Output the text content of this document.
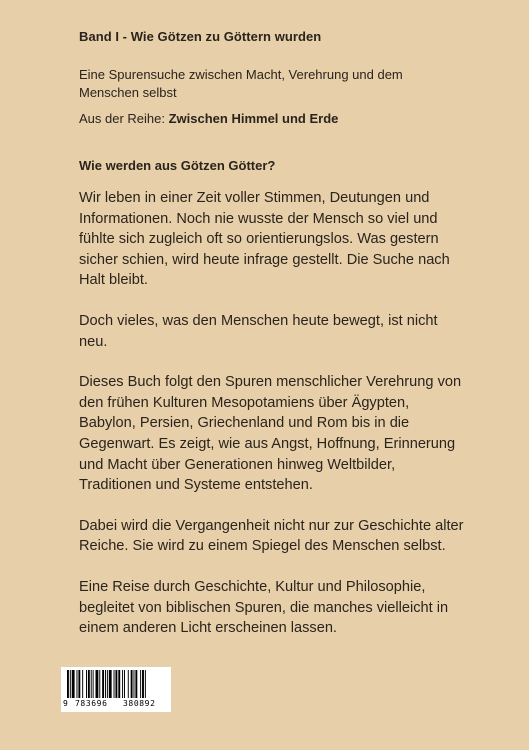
Band I - Wie Götzen zu Göttern wurden
Eine Spurensuche zwischen Macht, Verehrung und dem Menschen selbst
Aus der Reihe: Zwischen Himmel und Erde
Wie werden aus Götzen Götter?

Wir leben in einer Zeit voller Stimmen, Deutungen und Informationen. Noch nie wusste der Mensch so viel und fühlte sich zugleich oft so orientierungslos. Was gestern sicher schien, wird heute infrage gestellt. Die Suche nach Halt bleibt.

Doch vieles, was den Menschen heute bewegt, ist nicht neu.

Dieses Buch folgt den Spuren menschlicher Verehrung von den frühen Kulturen Mesopotamiens über Ägypten, Babylon, Persien, Griechenland und Rom bis in die Gegenwart. Es zeigt, wie aus Angst, Hoffnung, Erinnerung und Macht über Generationen hinweg Weltbilder, Traditionen und Systeme entstehen.

Dabei wird die Vergangenheit nicht nur zur Geschichte alter Reiche. Sie wird zu einem Spiegel des Menschen selbst.

Eine Reise durch Geschichte, Kultur und Philosophie, begleitet von biblischen Spuren, die manches vielleicht in einem anderen Licht erscheinen lassen.

9 783696 380892
